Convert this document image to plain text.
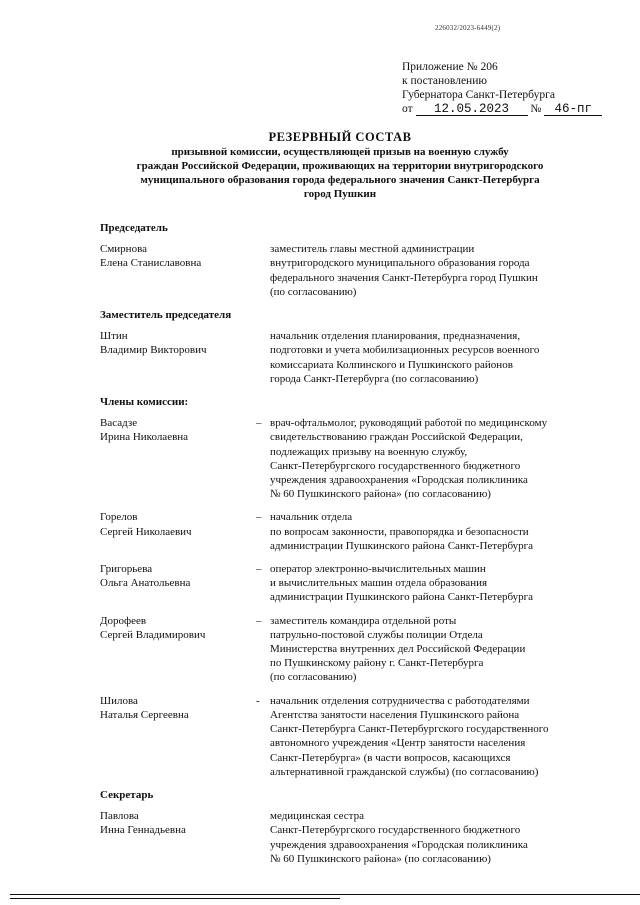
226032/2023-6449(2)
Приложение № 206
к постановлению
Губернатора Санкт-Петербурга
от 12.05.2023 № 46-пг
РЕЗЕРВНЫЙ СОСТАВ
призывной комиссии, осуществляющей призыв на военную службу
граждан Российской Федерации, проживающих на территории внутригородского
муниципального образования города федерального значения Санкт-Петербурга
город Пушкин
Председатель
Смирнова
Елена Станиславовна
заместитель главы местной администрации
внутригородского муниципального образования города
федерального значения Санкт-Петербурга город Пушкин
(по согласованию)
Заместитель председателя
Штин
Владимир Викторович
начальник отделения планирования, предназначения,
подготовки и учета мобилизационных ресурсов военного
комиссариата Колпинского и Пушкинского районов
города Санкт-Петербурга (по согласованию)
Члены комиссии:
Васадзе
Ирина Николаевна
– врач-офтальмолог, руководящий работой по медицинскому
свидетельствованию граждан Российской Федерации,
подлежащих призыву на военную службу,
Санкт-Петербургского государственного бюджетного
учреждения здравоохранения «Городская поликлиника
№ 60 Пушкинского района» (по согласованию)
Горелов
Сергей Николаевич
– начальник отдела
по вопросам законности, правопорядка и безопасности
администрации Пушкинского района Санкт-Петербурга
Григорьева
Ольга Анатольевна
– оператор электронно-вычислительных машин
и вычислительных машин отдела образования
администрации Пушкинского района Санкт-Петербурга
Дорофеев
Сергей Владимирович
– заместитель командира отдельной роты
патрульно-постовой службы полиции Отдела
Министерства внутренних дел Российской Федерации
по Пушкинскому району г. Санкт-Петербурга
(по согласованию)
Шилова
Наталья Сергеевна
- начальник отделения сотрудничества с работодателями
Агентства занятости населения Пушкинского района
Санкт-Петербурга Санкт-Петербургского государственного
автономного учреждения «Центр занятости населения
Санкт-Петербурга» (в части вопросов, касающихся
альтернативной гражданской службы) (по согласованию)
Секретарь
Павлова
Инна Геннадьевна
медицинская сестра
Санкт-Петербургского государственного бюджетного
учреждения здравоохранения «Городская поликлиника
№ 60 Пушкинского района» (по согласованию)
